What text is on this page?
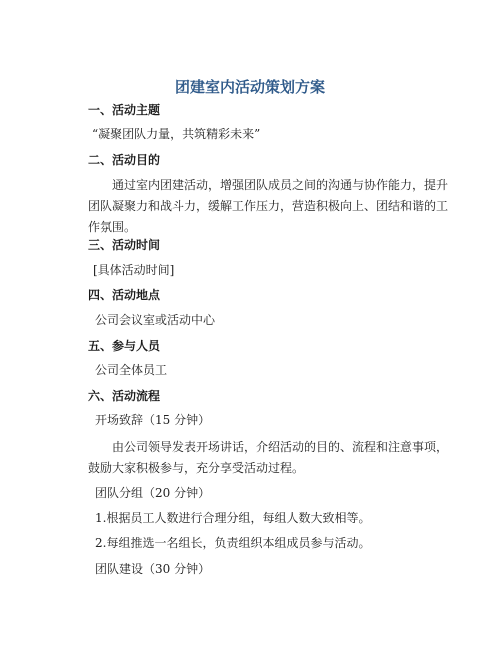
团建室内活动策划方案
一、活动主题
“凝聚团队力量，共筑精彩未来”
二、活动目的
通过室内团建活动，增强团队成员之间的沟通与协作能力，提升
团队凝聚力和战斗力，缓解工作压力，营造积极向上、团结和谐的工
作氛围。
三、活动时间
[具体活动时间]
四、活动地点
公司会议室或活动中心
五、参与人员
公司全体员工
六、活动流程
开场致辞（15 分钟）
由公司领导发表开场讲话，介绍活动的目的、流程和注意事项，
鼓励大家积极参与，充分享受活动过程。
团队分组（20 分钟）
1.根据员工人数进行合理分组，每组人数大致相等。
2.每组推选一名组长，负责组织本组成员参与活动。
团队建设（30 分钟）
